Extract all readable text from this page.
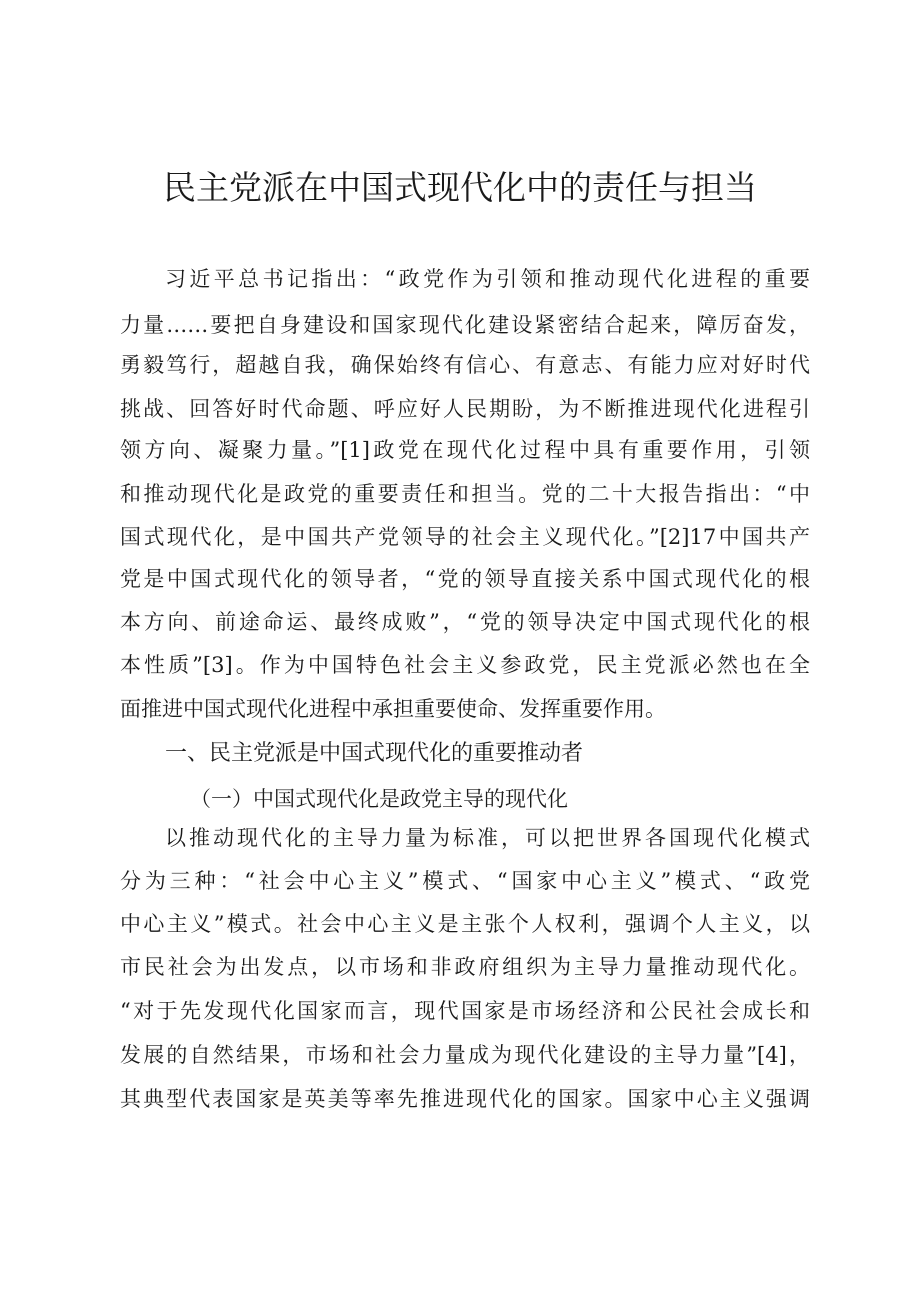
民主党派在中国式现代化中的责任与担当

习近平总书记指出：“政党作为引领和推动现代化进程的重要

力量……要把自身建设和国家现代化建设紧密结合起来，障厉奋发，

勇毅笃行，超越自我，确保始终有信心、有意志、有能力应对好时代

挑战、回答好时代命题、呼应好人民期盼，为不断推进现代化进程引

领方向、凝聚力量。”[1]政党在现代化过程中具有重要作用，引领

和推动现代化是政党的重要责任和担当。党的二十大报告指出：“中

国式现代化，是中国共产党领导的社会主义现代化。”[2]17中国共产

党是中国式现代化的领导者，“党的领导直接关系中国式现代化的根

本方向、前途命运、最终成败”，“党的领导决定中国式现代化的根

本性质”[3]。作为中国特色社会主义参政党，民主党派必然也在全

面推进中国式现代化进程中承担重要使命、发挥重要作用。

一、民主党派是中国式现代化的重要推动者
（一）中国式现代化是政党主导的现代化

以推动现代化的主导力量为标准，可以把世界各国现代化模式

分为三种：“社会中心主义”模式、“国家中心主义”模式、“政党

中心主义”模式。社会中心主义是主张个人权利，强调个人主义，以

市民社会为出发点，以市场和非政府组织为主导力量推动现代化。

“对于先发现代化国家而言，现代国家是市场经济和公民社会成长和

发展的自然结果，市场和社会力量成为现代化建设的主导力量”[4]，

其典型代表国家是英美等率先推进现代化的国家。国家中心主义强调
